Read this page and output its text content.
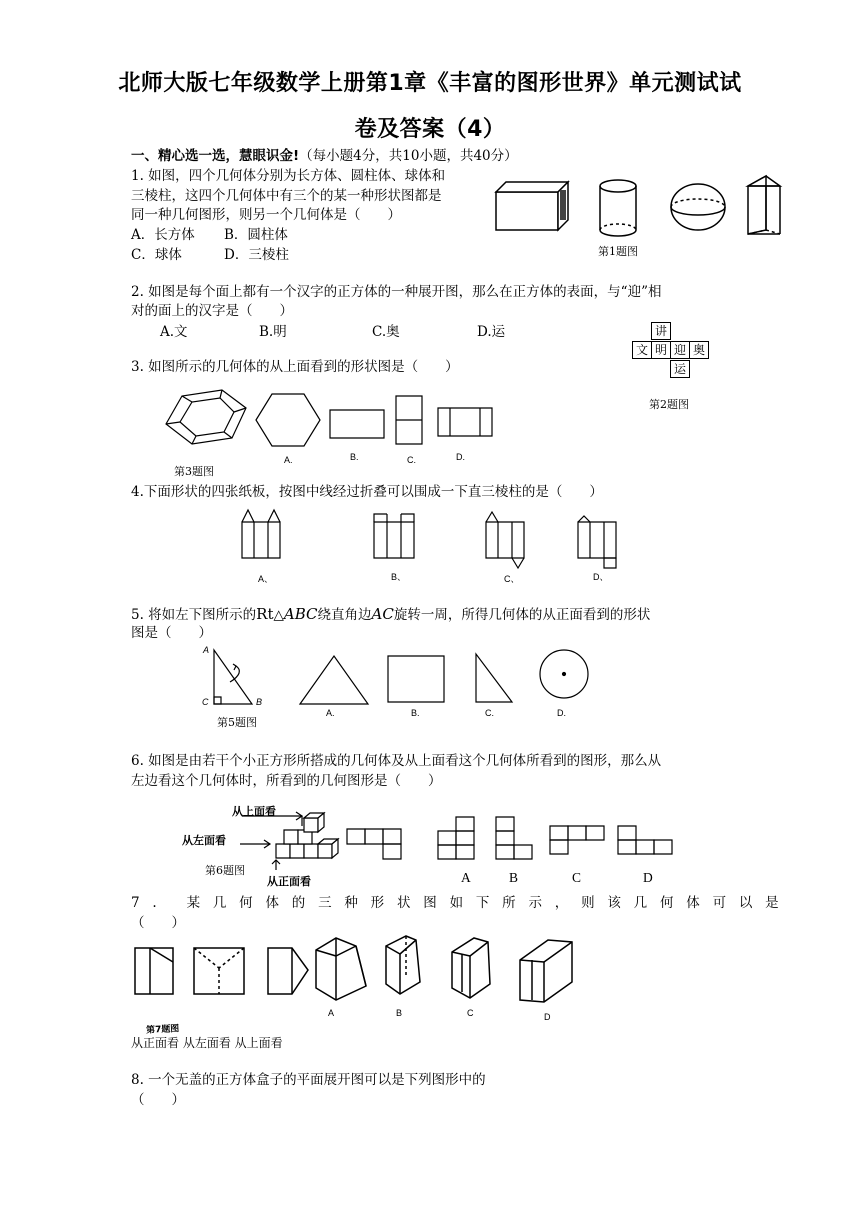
北师大版七年级数学上册第1章《丰富的图形世界》单元测试试
卷及答案（4）
一、精心选一选，慧眼识金!（每小题4分，共10小题，共40分）
1. 如图，四个几何体分别为长方体、圆柱体、球体和
三棱柱，这四个几何体中有三个的某一种形状图都是
同一种几何图形，则另一个几何体是（　　）
A．长方体 B．圆柱体
C．球体	D．三棱柱	第1题图
2. 如图是每个面上都有一个汉字的正方体的一种展开图，那么在正方体的表面，与“迎”相
对的面上的汉字是（　　）
A.文	B.明	C.奥	D.运	讲
文 明 迎 奥
运
第2题图
3. 如图所示的几何体的从上面看到的形状图是（　　）
第3题图
A.	B.	C.	D.
4.下面形状的四张纸板，按图中线经过折叠可以围成一下直三棱柱的是（　　）
A、	B、	C、	D、
5. 将如左下图所示的Rt△ABC绕直角边AC旋转一周，所得几何体的从正面看到的形状
图是（　　）
A
C	B
第5题图
A.	B.	C.	D.
6. 如图是由若干个小正方形所搭成的几何体及从上面看这个几何体所看到的图形，那么从
左边看这个几何体时，所看到的几何图形是（　　）
从上面看
从左面看
从正面看
第6题图	A	B	C	D
7. 某几何体的三种形状图如下所示，则该几何体可以是
（　　）
第7题图
A	B	C	D
从正面看 从左面看 从上面看
8. 一个无盖的正方体盒子的平面展开图可以是下列图形中的
（　　）
